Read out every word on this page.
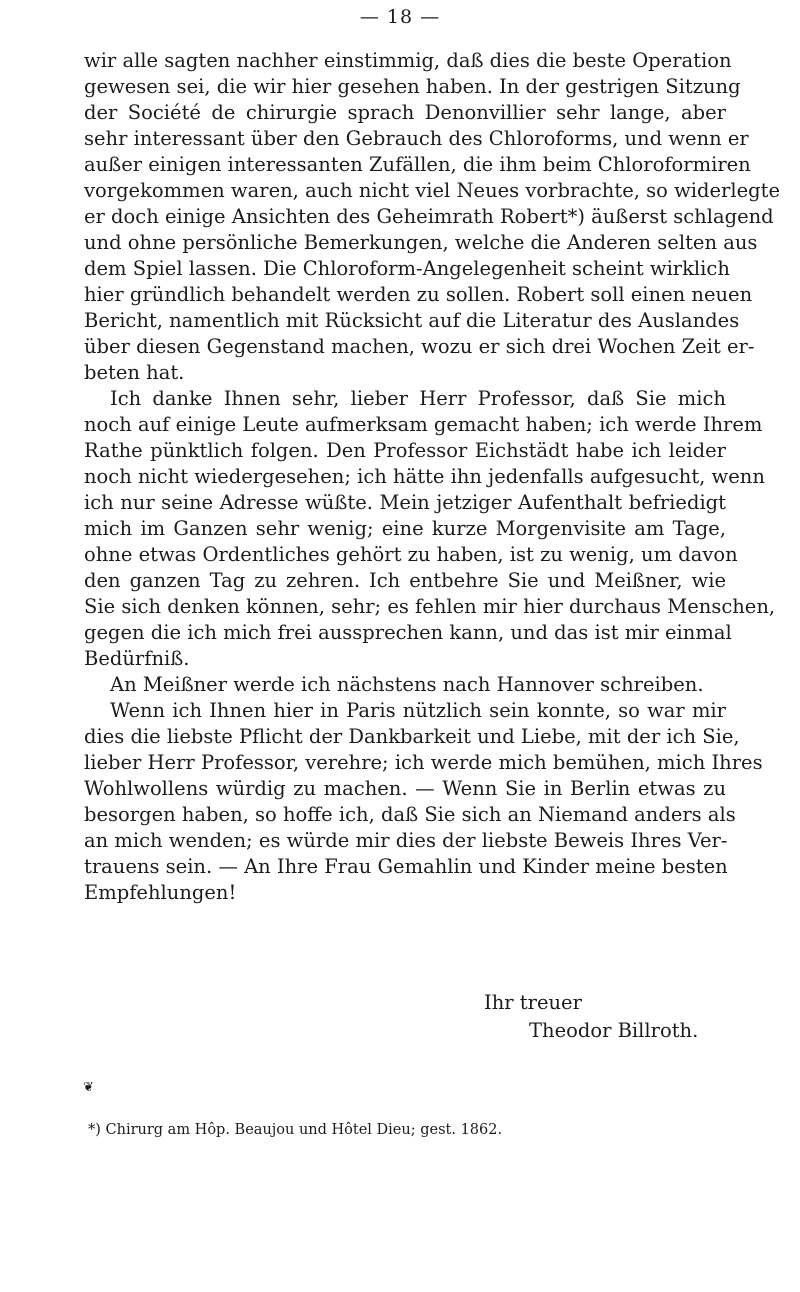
— 18 —
wir alle sagten nachher einstimmig, daß dies die beste Operation
gewesen sei, die wir hier gesehen haben. In der gestrigen Sitzung
der Société de chirurgie sprach Denonvillier sehr lange, aber
sehr interessant über den Gebrauch des Chloroforms, und wenn er
außer einigen interessanten Zufällen, die ihm beim Chloroformiren
vorgekommen waren, auch nicht viel Neues vorbrachte, so widerlegte
er doch einige Ansichten des Geheimrath Robert*) äußerst schlagend
und ohne persönliche Bemerkungen, welche die Anderen selten aus
dem Spiel lassen. Die Chloroform-Angelegenheit scheint wirklich
hier gründlich behandelt werden zu sollen. Robert soll einen neuen
Bericht, namentlich mit Rücksicht auf die Literatur des Auslandes
über diesen Gegenstand machen, wozu er sich drei Wochen Zeit er-
beten hat.
Ich danke Ihnen sehr, lieber Herr Professor, daß Sie mich
noch auf einige Leute aufmerksam gemacht haben; ich werde Ihrem
Rathe pünktlich folgen. Den Professor Eichstädt habe ich leider
noch nicht wiedergesehen; ich hätte ihn jedenfalls aufgesucht, wenn
ich nur seine Adresse wüßte. Mein jetziger Aufenthalt befriedigt
mich im Ganzen sehr wenig; eine kurze Morgenvisite am Tage,
ohne etwas Ordentliches gehört zu haben, ist zu wenig, um davon
den ganzen Tag zu zehren. Ich entbehre Sie und Meißner, wie
Sie sich denken können, sehr; es fehlen mir hier durchaus Menschen,
gegen die ich mich frei aussprechen kann, und das ist mir einmal
Bedürfniß.
An Meißner werde ich nächstens nach Hannover schreiben.
Wenn ich Ihnen hier in Paris nützlich sein konnte, so war mir
dies die liebste Pflicht der Dankbarkeit und Liebe, mit der ich Sie,
lieber Herr Professor, verehre; ich werde mich bemühen, mich Ihres
Wohlwollens würdig zu machen. — Wenn Sie in Berlin etwas zu
besorgen haben, so hoffe ich, daß Sie sich an Niemand anders als
an mich wenden; es würde mir dies der liebste Beweis Ihres Ver-
trauens sein. — An Ihre Frau Gemahlin und Kinder meine besten
Empfehlungen!
Ihr treuer
Theodor Billroth.
❦
*) Chirurg am Hôp. Beaujou und Hôtel Dieu; gest. 1862.
